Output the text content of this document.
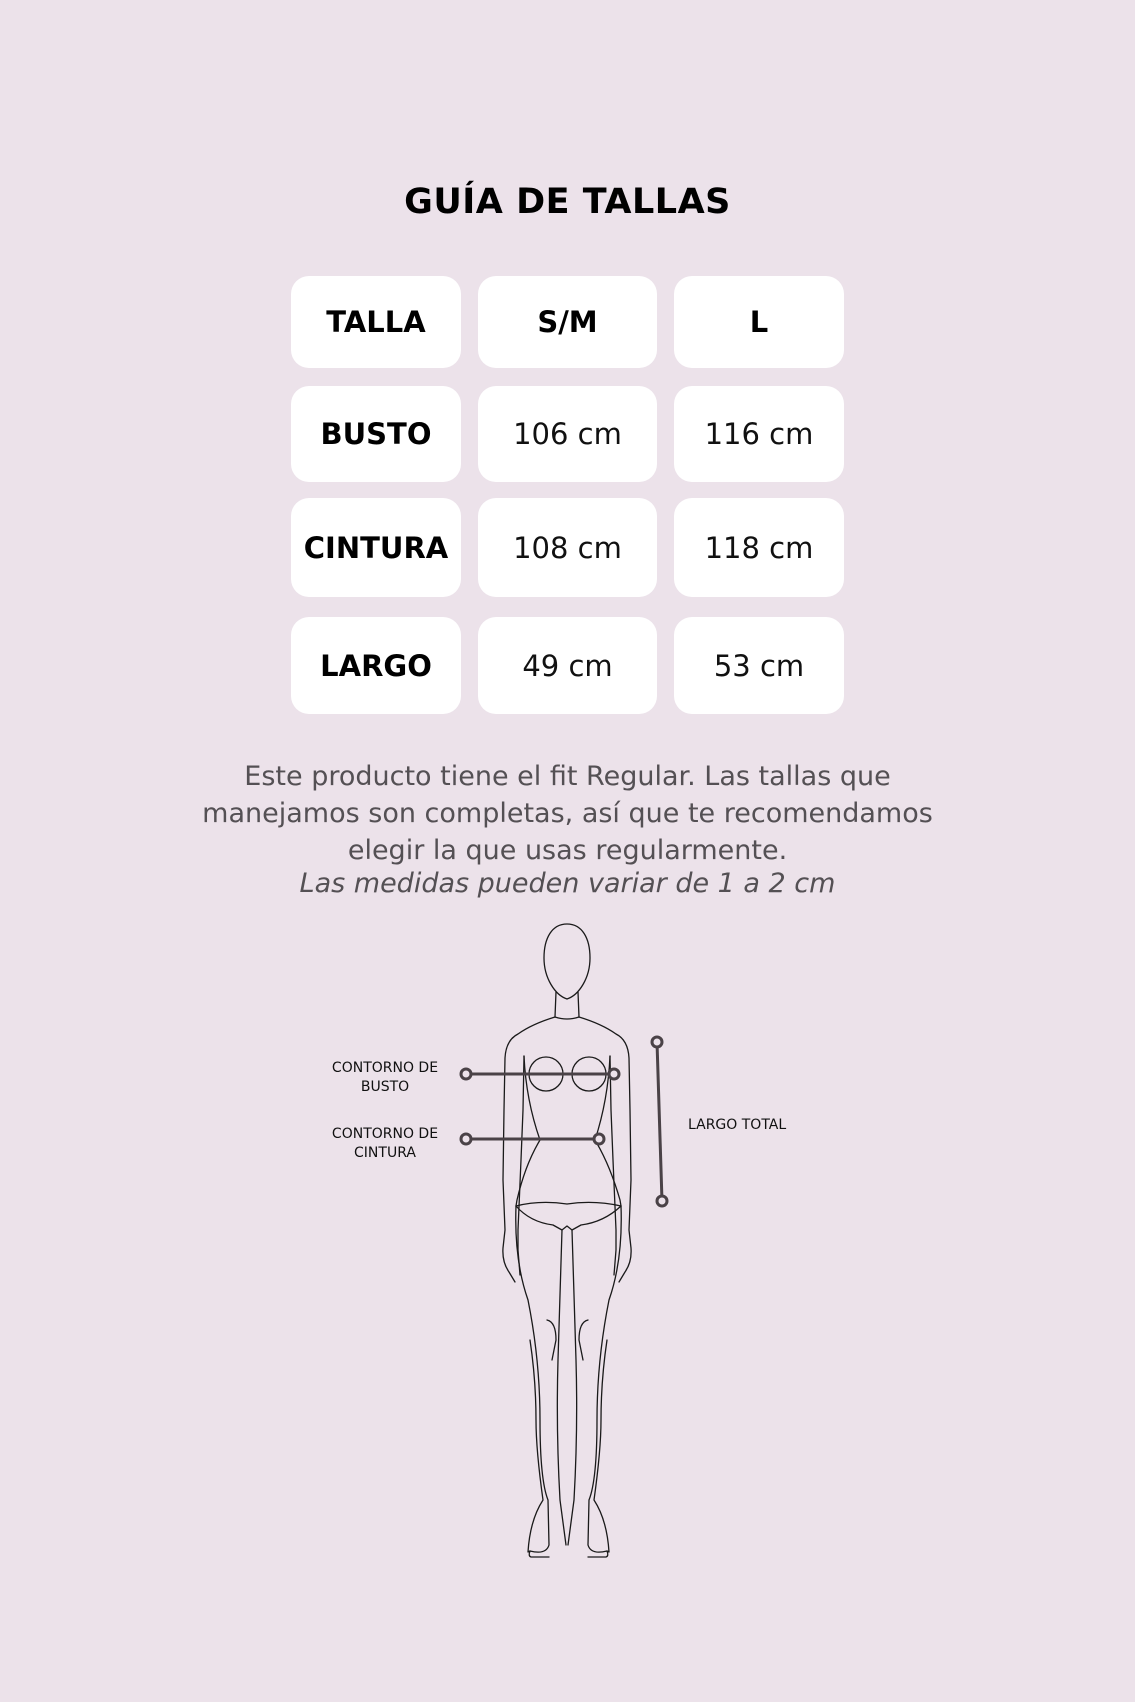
GUÍA DE TALLAS
TALLA	S/M	L
BUSTO	106 cm	116 cm
CINTURA	108 cm	118 cm
LARGO	49 cm	53 cm
Este producto tiene el fit Regular. Las tallas que manejamos son completas, así que te recomendamos elegir la que usas regularmente.
Las medidas pueden variar de 1 a 2 cm
CONTORNO DE BUSTO
CONTORNO DE CINTURA
LARGO TOTAL
